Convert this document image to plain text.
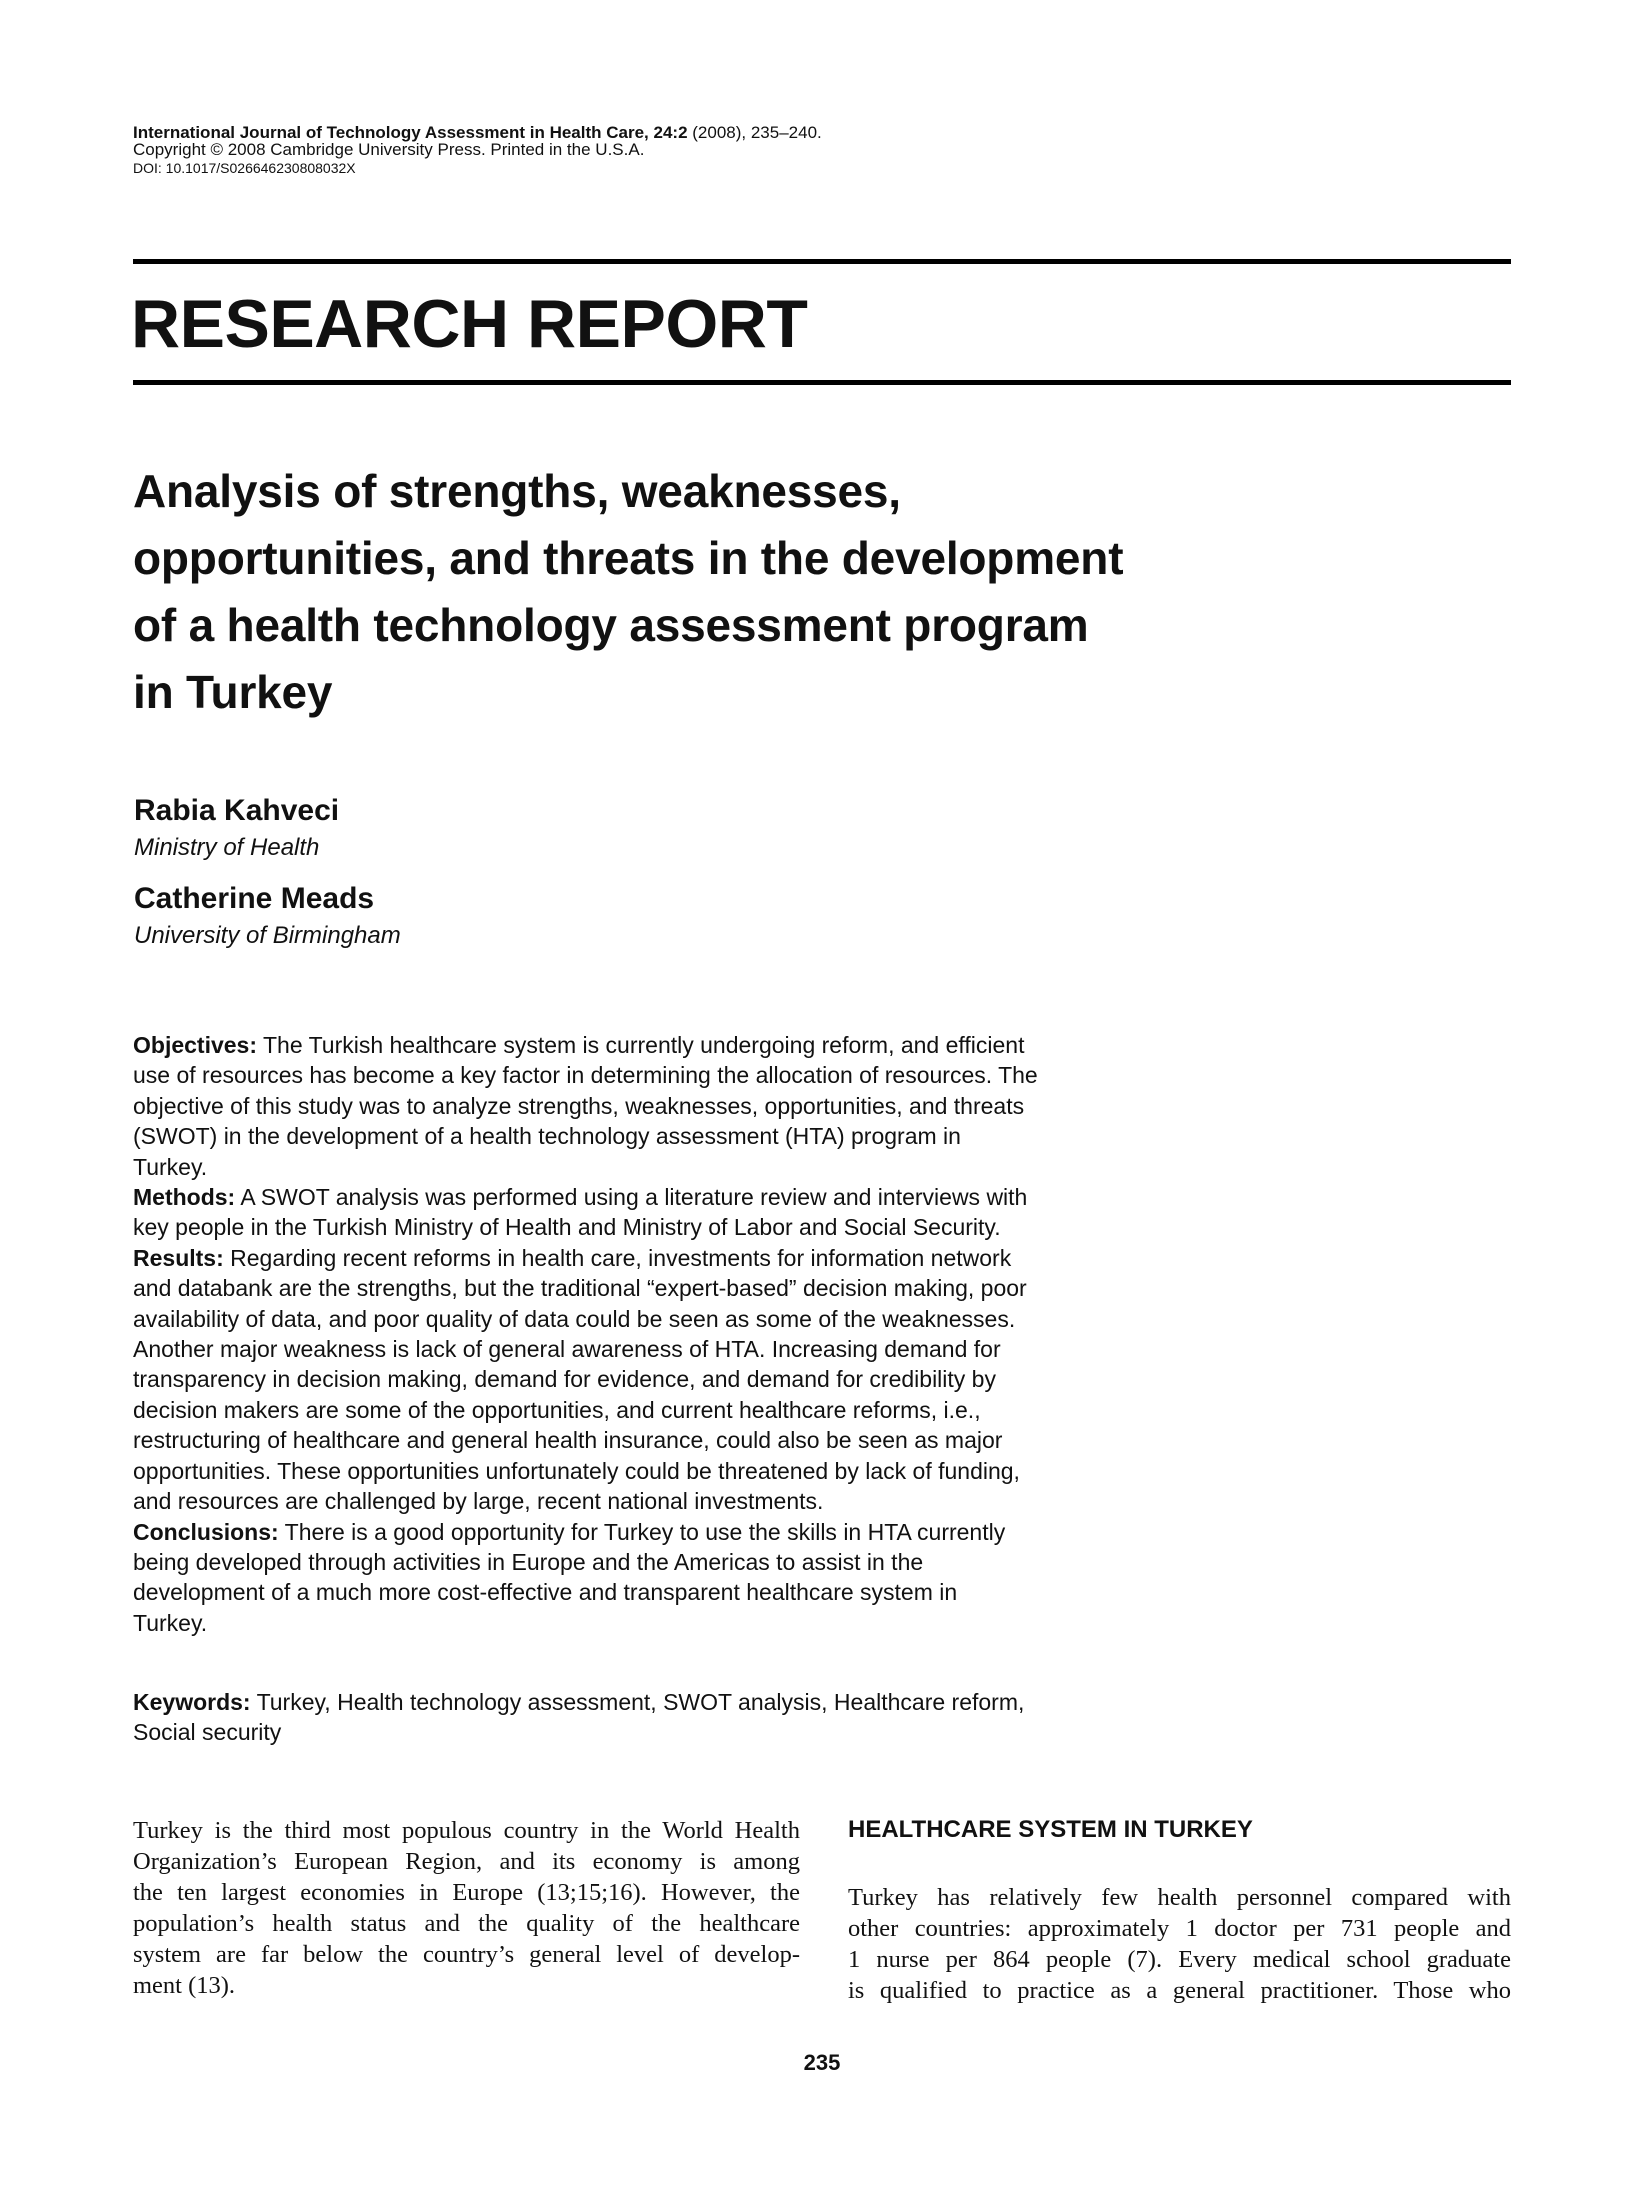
International Journal of Technology Assessment in Health Care, 24:2 (2008), 235–240.
Copyright © 2008 Cambridge University Press. Printed in the U.S.A.
DOI: 10.1017/S026646230808032X
RESEARCH REPORT
Analysis of strengths, weaknesses,
opportunities, and threats in the development
of a health technology assessment program
in Turkey
Rabia Kahveci
Ministry of Health
Catherine Meads
University of Birmingham
Objectives: The Turkish healthcare system is currently undergoing reform, and efficient
use of resources has become a key factor in determining the allocation of resources. The
objective of this study was to analyze strengths, weaknesses, opportunities, and threats
(SWOT) in the development of a health technology assessment (HTA) program in
Turkey.
Methods: A SWOT analysis was performed using a literature review and interviews with
key people in the Turkish Ministry of Health and Ministry of Labor and Social Security.
Results: Regarding recent reforms in health care, investments for information network
and databank are the strengths, but the traditional “expert-based” decision making, poor
availability of data, and poor quality of data could be seen as some of the weaknesses.
Another major weakness is lack of general awareness of HTA. Increasing demand for
transparency in decision making, demand for evidence, and demand for credibility by
decision makers are some of the opportunities, and current healthcare reforms, i.e.,
restructuring of healthcare and general health insurance, could also be seen as major
opportunities. These opportunities unfortunately could be threatened by lack of funding,
and resources are challenged by large, recent national investments.
Conclusions: There is a good opportunity for Turkey to use the skills in HTA currently
being developed through activities in Europe and the Americas to assist in the
development of a much more cost-effective and transparent healthcare system in
Turkey.
Keywords: Turkey, Health technology assessment, SWOT analysis, Healthcare reform,
Social security
Turkey is the third most populous country in the World Health
Organization’s European Region, and its economy is among
the ten largest economies in Europe (13;15;16). However, the
population’s health status and the quality of the healthcare
system are far below the country’s general level of develop-
ment (13).
HEALTHCARE SYSTEM IN TURKEY
Turkey has relatively few health personnel compared with
other countries: approximately 1 doctor per 731 people and
1 nurse per 864 people (7). Every medical school graduate
is qualified to practice as a general practitioner. Those who
235
